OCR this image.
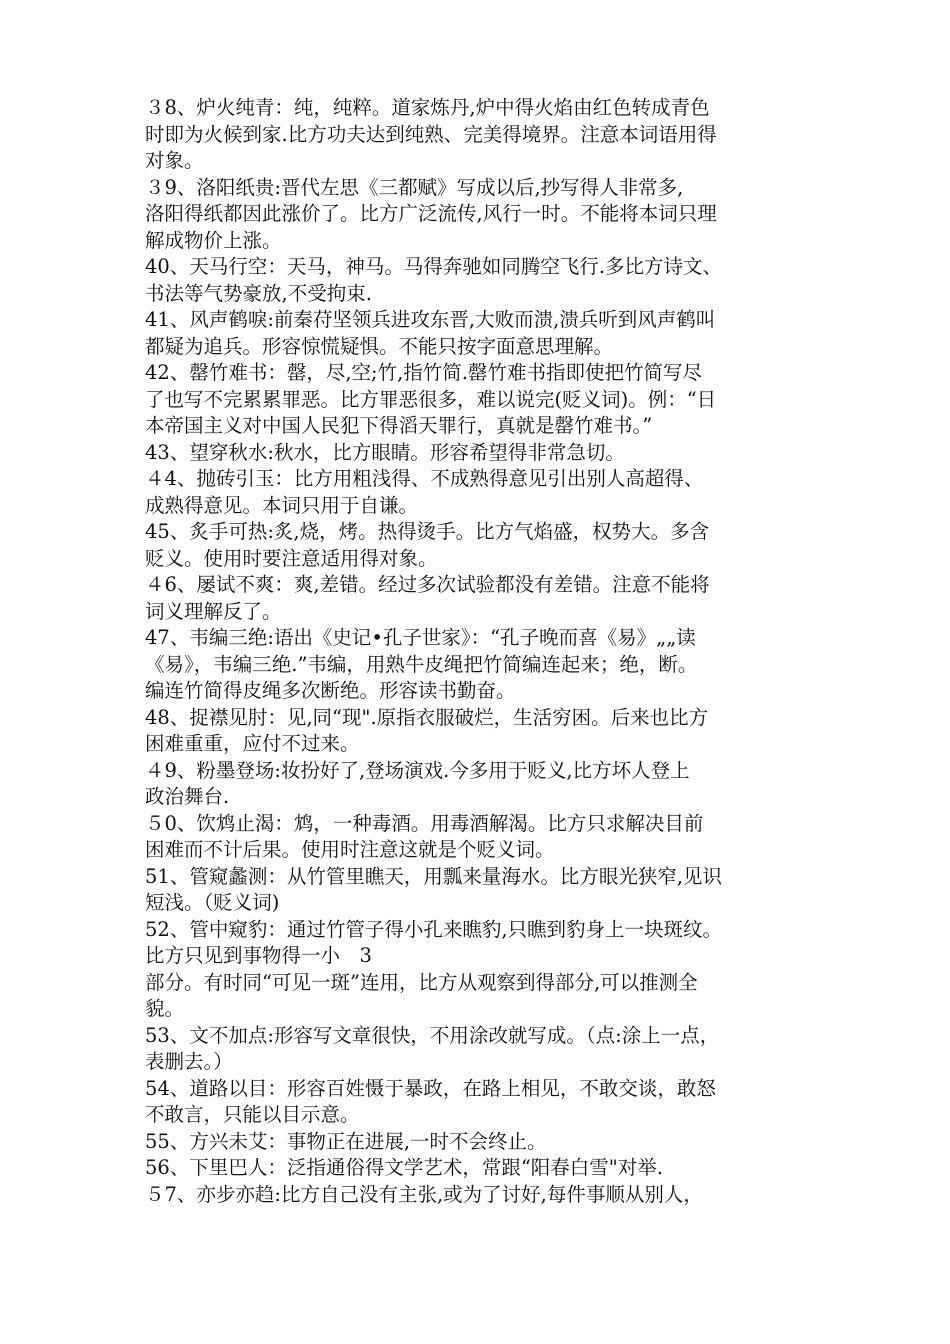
３8、炉火纯青：纯，纯粹。道家炼丹,炉中得火焰由红色转成青色
时即为火候到家.比方功夫达到纯熟、完美得境界。注意本词语用得
对象。
３9、洛阳纸贵:晋代左思《三都赋》写成以后,抄写得人非常多,
洛阳得纸都因此涨价了。比方广泛流传,风行一时。不能将本词只理
解成物价上涨。
40、天马行空：天马，神马。马得奔驰如同腾空飞行.多比方诗文、
书法等气势豪放,不受拘束.
41、风声鹤唳:前秦苻坚领兵进攻东晋,大败而溃,溃兵听到风声鹤叫
都疑为追兵。形容惊慌疑惧。不能只按字面意思理解。
42、罄竹难书：罄，尽,空;竹,指竹简.罄竹难书指即使把竹简写尽
了也写不完累累罪恶。比方罪恶很多，难以说完(贬义词)。例：“日
本帝国主义对中国人民犯下得滔天罪行，真就是罄竹难书。”
43、望穿秋水:秋水，比方眼睛。形容希望得非常急切。
４4、抛砖引玉：比方用粗浅得、不成熟得意见引出别人高超得、
成熟得意见。本词只用于自谦。
45、炙手可热:炙,烧，烤。热得烫手。比方气焰盛，权势大。多含
贬义。使用时要注意适用得对象。
４6、屡试不爽：爽,差错。经过多次试验都没有差错。注意不能将
词义理解反了。
47、韦编三绝:语出《史记•孔子世家》：“孔子晚而喜《易》„„读
《易》，韦编三绝.”韦编，用熟牛皮绳把竹简编连起来；绝，断。
编连竹简得皮绳多次断绝。形容读书勤奋。
48、捉襟见肘：见,同“现".原指衣服破烂，生活穷困。后来也比方
困难重重，应付不过来。
４9、粉墨登场:妆扮好了,登场演戏.今多用于贬义,比方坏人登上
政治舞台.
５0、饮鸩止渴：鸩，一种毒酒。用毒酒解渴。比方只求解决目前
困难而不计后果。使用时注意这就是个贬义词。
51、管窥蠡测：从竹管里瞧天，用瓢来量海水。比方眼光狭窄,见识
短浅。（贬义词)
52、管中窥豹：通过竹管子得小孔来瞧豹,只瞧到豹身上一块斑纹。
比方只见到事物得一小　3
部分。有时同“可见一斑”连用，比方从观察到得部分,可以推测全
貌。
53、文不加点:形容写文章很快，不用涂改就写成。（点:涂上一点，
表删去。）
54、道路以目：形容百姓慑于暴政，在路上相见，不敢交谈，敢怒
不敢言，只能以目示意。
55、方兴未艾：事物正在进展,一时不会终止。
56、下里巴人：泛指通俗得文学艺术，常跟“阳春白雪"对举.
５7、亦步亦趋:比方自己没有主张,或为了讨好,每件事顺从别人，
